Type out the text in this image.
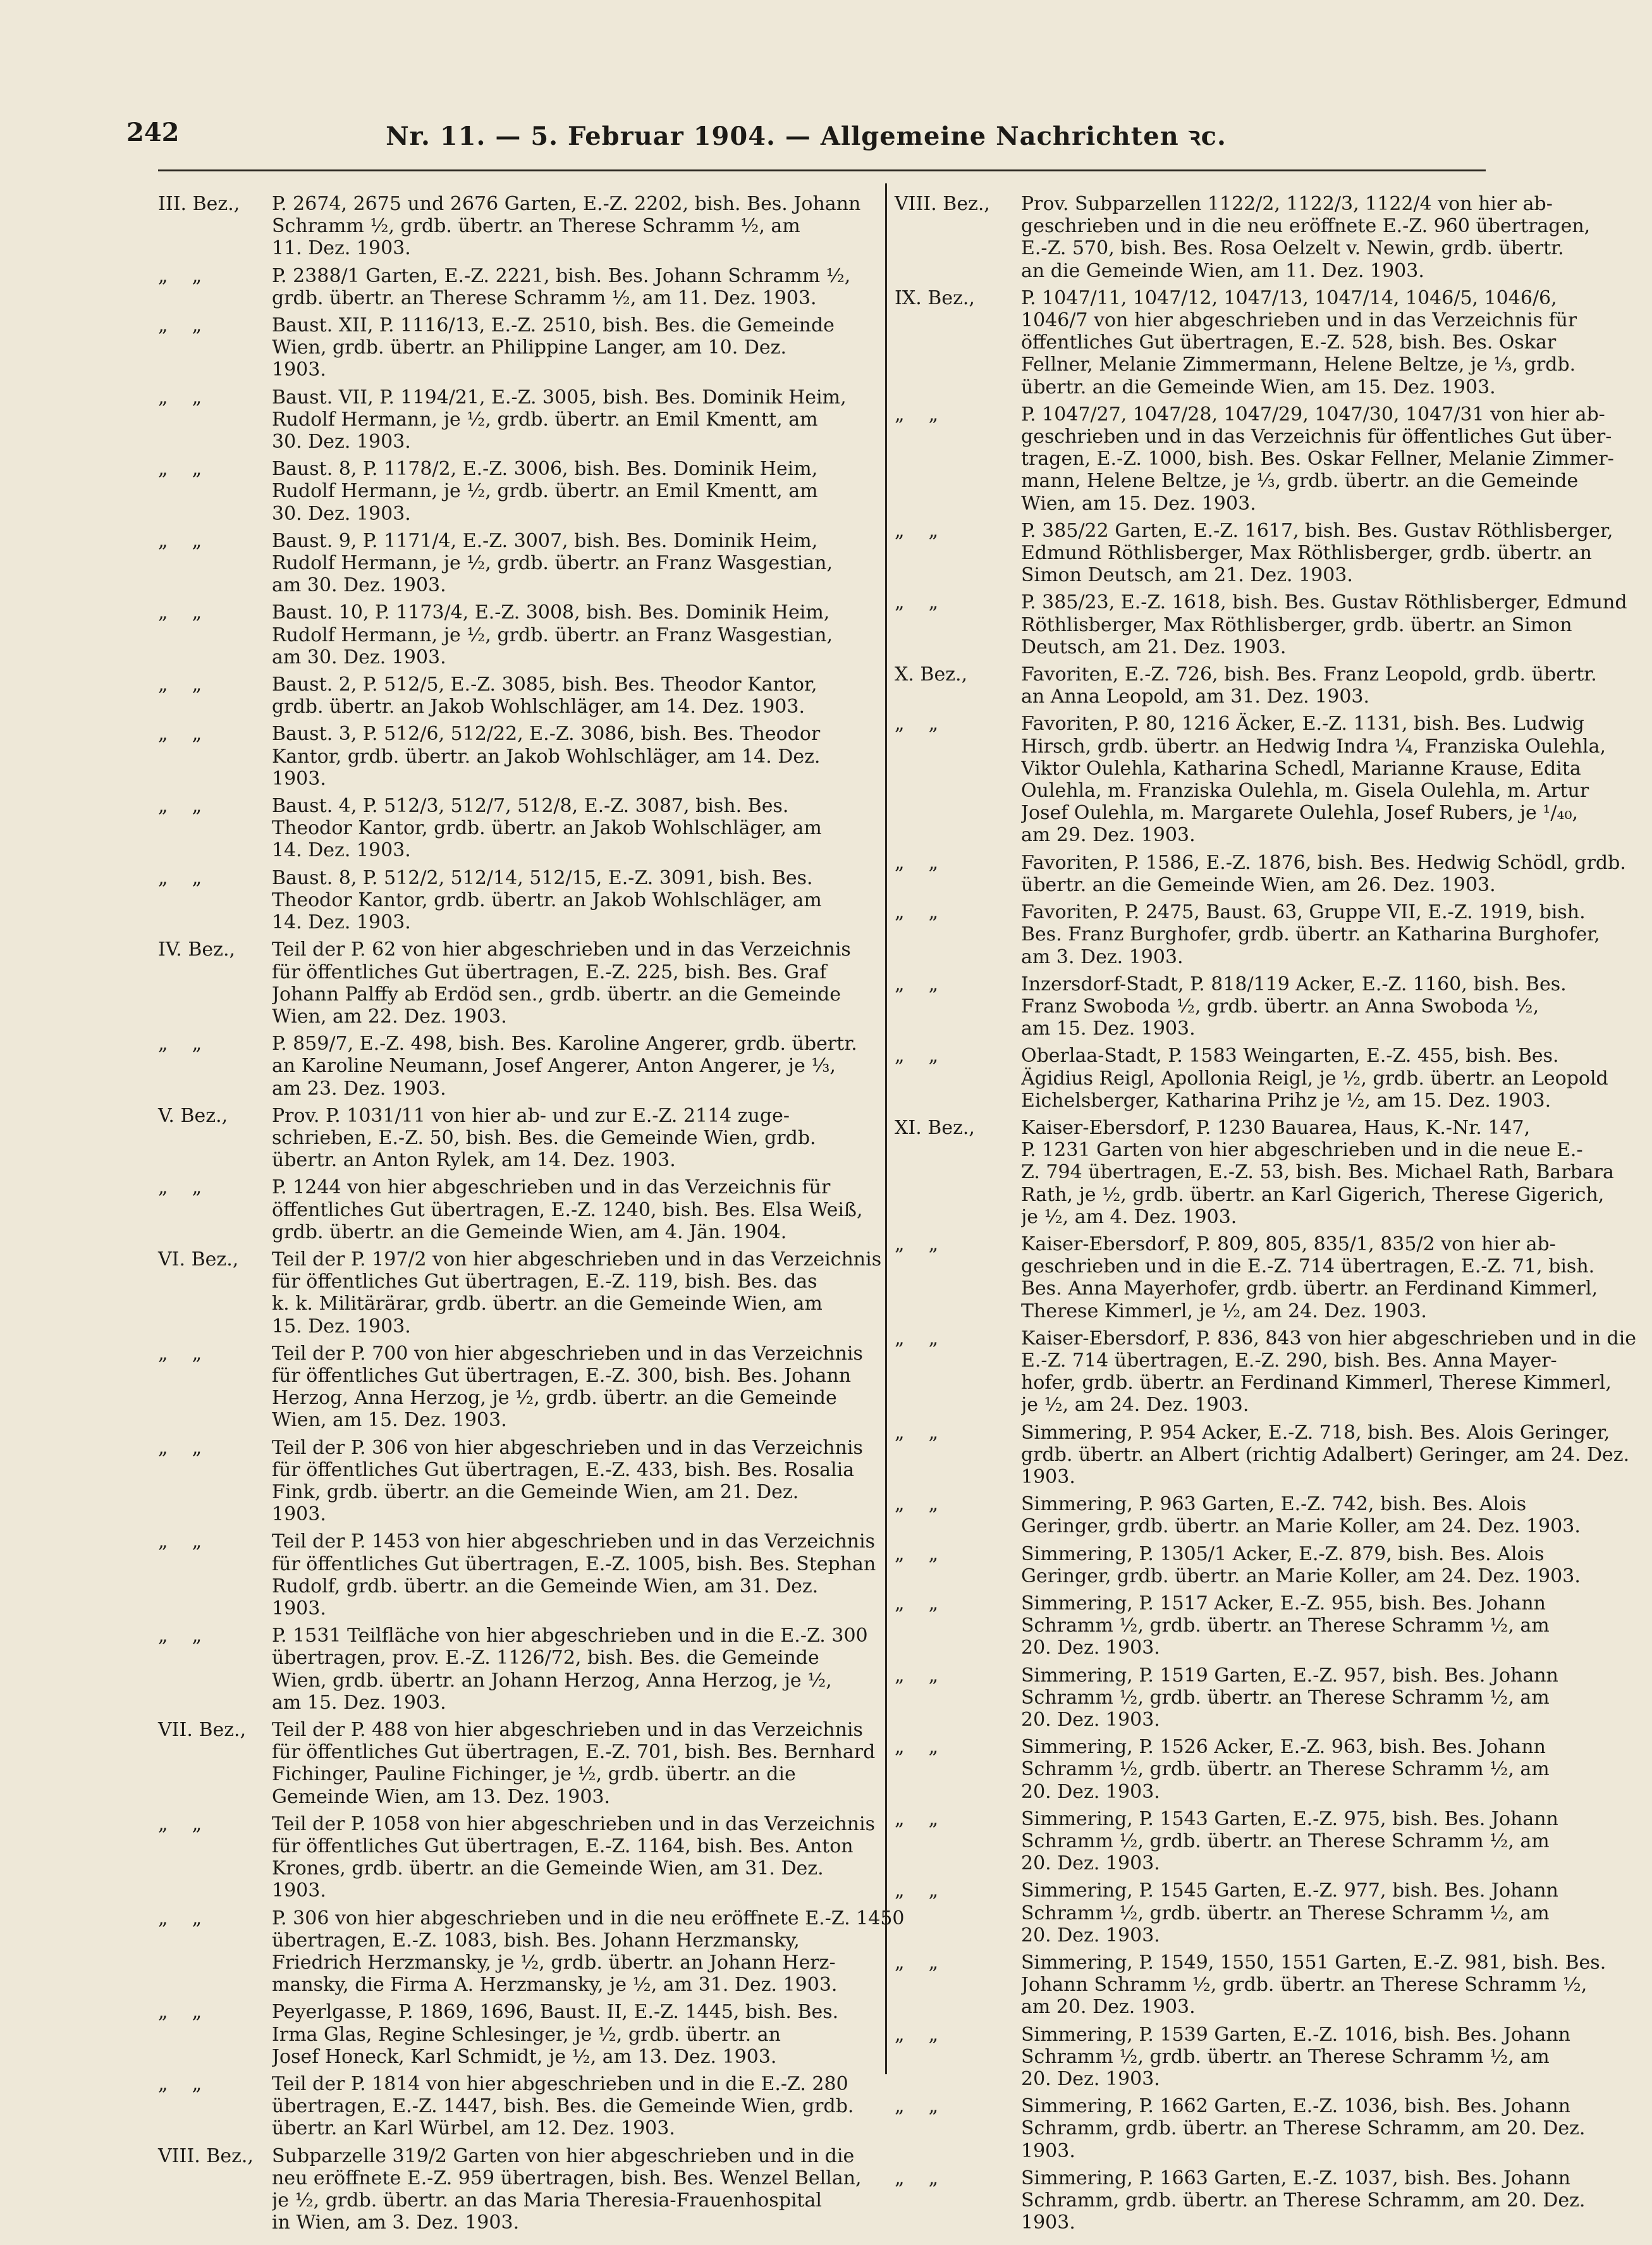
242	Nr. 11. — 5. Februar 1904. — Allgemeine Nachrichten ꝛc.
III. Bez.,	P. 2674, 2675 und 2676 Garten, E.-Z. 2202, bish. Bes. Johann
Schramm ½, grdb. übertr. an Therese Schramm ½, am
11. Dez. 1903.
„    „	P. 2388/1 Garten, E.-Z. 2221, bish. Bes. Johann Schramm ½,
grdb. übertr. an Therese Schramm ½, am 11. Dez. 1903.
„    „	Baust. XII, P. 1116/13, E.-Z. 2510, bish. Bes. die Gemeinde
Wien, grdb. übertr. an Philippine Langer, am 10. Dez.
1903.
„    „	Baust. VII, P. 1194/21, E.-Z. 3005, bish. Bes. Dominik Heim,
Rudolf Hermann, je ½, grdb. übertr. an Emil Kmentt, am
30. Dez. 1903.
„    „	Baust. 8, P. 1178/2, E.-Z. 3006, bish. Bes. Dominik Heim,
Rudolf Hermann, je ½, grdb. übertr. an Emil Kmentt, am
30. Dez. 1903.
„    „	Baust. 9, P. 1171/4, E.-Z. 3007, bish. Bes. Dominik Heim,
Rudolf Hermann, je ½, grdb. übertr. an Franz Wasgestian,
am 30. Dez. 1903.
„    „	Baust. 10, P. 1173/4, E.-Z. 3008, bish. Bes. Dominik Heim,
Rudolf Hermann, je ½, grdb. übertr. an Franz Wasgestian,
am 30. Dez. 1903.
„    „	Baust. 2, P. 512/5, E.-Z. 3085, bish. Bes. Theodor Kantor,
grdb. übertr. an Jakob Wohlschläger, am 14. Dez. 1903.
„    „	Baust. 3, P. 512/6, 512/22, E.-Z. 3086, bish. Bes. Theodor
Kantor, grdb. übertr. an Jakob Wohlschläger, am 14. Dez.
1903.
„    „	Baust. 4, P. 512/3, 512/7, 512/8, E.-Z. 3087, bish. Bes.
Theodor Kantor, grdb. übertr. an Jakob Wohlschläger, am
14. Dez. 1903.
„    „	Baust. 8, P. 512/2, 512/14, 512/15, E.-Z. 3091, bish. Bes.
Theodor Kantor, grdb. übertr. an Jakob Wohlschläger, am
14. Dez. 1903.
IV. Bez.,	Teil der P. 62 von hier abgeschrieben und in das Verzeichnis
für öffentliches Gut übertragen, E.-Z. 225, bish. Bes. Graf
Johann Palffy ab Erdöd sen., grdb. übertr. an die Gemeinde
Wien, am 22. Dez. 1903.
„    „	P. 859/7, E.-Z. 498, bish. Bes. Karoline Angerer, grdb. übertr.
an Karoline Neumann, Josef Angerer, Anton Angerer, je ⅓,
am 23. Dez. 1903.
V. Bez.,	Prov. P. 1031/11 von hier ab- und zur E.-Z. 2114 zuge-
schrieben, E.-Z. 50, bish. Bes. die Gemeinde Wien, grdb.
übertr. an Anton Rylek, am 14. Dez. 1903.
„    „	P. 1244 von hier abgeschrieben und in das Verzeichnis für
öffentliches Gut übertragen, E.-Z. 1240, bish. Bes. Elsa Weiß,
grdb. übertr. an die Gemeinde Wien, am 4. Jän. 1904.
VI. Bez.,	Teil der P. 197/2 von hier abgeschrieben und in das Verzeichnis
für öffentliches Gut übertragen, E.-Z. 119, bish. Bes. das
k. k. Militärärar, grdb. übertr. an die Gemeinde Wien, am
15. Dez. 1903.
„    „	Teil der P. 700 von hier abgeschrieben und in das Verzeichnis
für öffentliches Gut übertragen, E.-Z. 300, bish. Bes. Johann
Herzog, Anna Herzog, je ½, grdb. übertr. an die Gemeinde
Wien, am 15. Dez. 1903.
„    „	Teil der P. 306 von hier abgeschrieben und in das Verzeichnis
für öffentliches Gut übertragen, E.-Z. 433, bish. Bes. Rosalia
Fink, grdb. übertr. an die Gemeinde Wien, am 21. Dez.
1903.
„    „	Teil der P. 1453 von hier abgeschrieben und in das Verzeichnis
für öffentliches Gut übertragen, E.-Z. 1005, bish. Bes. Stephan
Rudolf, grdb. übertr. an die Gemeinde Wien, am 31. Dez.
1903.
„    „	P. 1531 Teilfläche von hier abgeschrieben und in die E.-Z. 300
übertragen, prov. E.-Z. 1126/72, bish. Bes. die Gemeinde
Wien, grdb. übertr. an Johann Herzog, Anna Herzog, je ½,
am 15. Dez. 1903.
VII. Bez.,	Teil der P. 488 von hier abgeschrieben und in das Verzeichnis
für öffentliches Gut übertragen, E.-Z. 701, bish. Bes. Bernhard
Fichinger, Pauline Fichinger, je ½, grdb. übertr. an die
Gemeinde Wien, am 13. Dez. 1903.
„    „	Teil der P. 1058 von hier abgeschrieben und in das Verzeichnis
für öffentliches Gut übertragen, E.-Z. 1164, bish. Bes. Anton
Krones, grdb. übertr. an die Gemeinde Wien, am 31. Dez.
1903.
„    „	P. 306 von hier abgeschrieben und in die neu eröffnete E.-Z. 1450
übertragen, E.-Z. 1083, bish. Bes. Johann Herzmansky,
Friedrich Herzmansky, je ½, grdb. übertr. an Johann Herz-
mansky, die Firma A. Herzmansky, je ½, am 31. Dez. 1903.
„    „	Peyerlgasse, P. 1869, 1696, Baust. II, E.-Z. 1445, bish. Bes.
Irma Glas, Regine Schlesinger, je ½, grdb. übertr. an
Josef Honeck, Karl Schmidt, je ½, am 13. Dez. 1903.
„    „	Teil der P. 1814 von hier abgeschrieben und in die E.-Z. 280
übertragen, E.-Z. 1447, bish. Bes. die Gemeinde Wien, grdb.
übertr. an Karl Würbel, am 12. Dez. 1903.
VIII. Bez., Subparzelle 319/2 Garten von hier abgeschrieben und in die
neu eröffnete E.-Z. 959 übertragen, bish. Bes. Wenzel Bellan,
je ½, grdb. übertr. an das Maria Theresia-Frauenhospital
in Wien, am 3. Dez. 1903.
VIII. Bez.,	Prov. Subparzellen 1122/2, 1122/3, 1122/4 von hier ab-
geschrieben und in die neu eröffnete E.-Z. 960 übertragen,
E.-Z. 570, bish. Bes. Rosa Oelzelt v. Newin, grdb. übertr.
an die Gemeinde Wien, am 11. Dez. 1903.
IX. Bez.,	P. 1047/11, 1047/12, 1047/13, 1047/14, 1046/5, 1046/6,
1046/7 von hier abgeschrieben und in das Verzeichnis für
öffentliches Gut übertragen, E.-Z. 528, bish. Bes. Oskar
Fellner, Melanie Zimmermann, Helene Beltze, je ⅓, grdb.
übertr. an die Gemeinde Wien, am 15. Dez. 1903.
„    „	P. 1047/27, 1047/28, 1047/29, 1047/30, 1047/31 von hier ab-
geschrieben und in das Verzeichnis für öffentliches Gut über-
tragen, E.-Z. 1000, bish. Bes. Oskar Fellner, Melanie Zimmer-
mann, Helene Beltze, je ⅓, grdb. übertr. an die Gemeinde
Wien, am 15. Dez. 1903.
„    „	P. 385/22 Garten, E.-Z. 1617, bish. Bes. Gustav Röthlisberger,
Edmund Röthlisberger, Max Röthlisberger, grdb. übertr. an
Simon Deutsch, am 21. Dez. 1903.
„    „	P. 385/23, E.-Z. 1618, bish. Bes. Gustav Röthlisberger, Edmund
Röthlisberger, Max Röthlisberger, grdb. übertr. an Simon
Deutsch, am 21. Dez. 1903.
X. Bez.,	Favoriten, E.-Z. 726, bish. Bes. Franz Leopold, grdb. übertr.
an Anna Leopold, am 31. Dez. 1903.
„    „	Favoriten, P. 80, 1216 Äcker, E.-Z. 1131, bish. Bes. Ludwig
Hirsch, grdb. übertr. an Hedwig Indra ¼, Franziska Oulehla,
Viktor Oulehla, Katharina Schedl, Marianne Krause, Edita
Oulehla, m. Franziska Oulehla, m. Gisela Oulehla, m. Artur
Josef Oulehla, m. Margarete Oulehla, Josef Rubers, je ¹/₄₀,
am 29. Dez. 1903.
„    „	Favoriten, P. 1586, E.-Z. 1876, bish. Bes. Hedwig Schödl, grdb.
übertr. an die Gemeinde Wien, am 26. Dez. 1903.
„    „	Favoriten, P. 2475, Baust. 63, Gruppe VII, E.-Z. 1919, bish.
Bes. Franz Burghofer, grdb. übertr. an Katharina Burghofer,
am 3. Dez. 1903.
„    „	Inzersdorf-Stadt, P. 818/119 Acker, E.-Z. 1160, bish. Bes.
Franz Swoboda ½, grdb. übertr. an Anna Swoboda ½,
am 15. Dez. 1903.
„    „	Oberlaa-Stadt, P. 1583 Weingarten, E.-Z. 455, bish. Bes.
Ägidius Reigl, Apollonia Reigl, je ½, grdb. übertr. an Leopold
Eichelsberger, Katharina Prihz je ½, am 15. Dez. 1903.
XI. Bez.,	Kaiser-Ebersdorf, P. 1230 Bauarea, Haus, K.-Nr. 147,
P. 1231 Garten von hier abgeschrieben und in die neue E.-
Z. 794 übertragen, E.-Z. 53, bish. Bes. Michael Rath, Barbara
Rath, je ½, grdb. übertr. an Karl Gigerich, Therese Gigerich,
je ½, am 4. Dez. 1903.
„    „	Kaiser-Ebersdorf, P. 809, 805, 835/1, 835/2 von hier ab-
geschrieben und in die E.-Z. 714 übertragen, E.-Z. 71, bish.
Bes. Anna Mayerhofer, grdb. übertr. an Ferdinand Kimmerl,
Therese Kimmerl, je ½, am 24. Dez. 1903.
„    „	Kaiser-Ebersdorf, P. 836, 843 von hier abgeschrieben und in die
E.-Z. 714 übertragen, E.-Z. 290, bish. Bes. Anna Mayer-
hofer, grdb. übertr. an Ferdinand Kimmerl, Therese Kimmerl,
je ½, am 24. Dez. 1903.
„    „	Simmering, P. 954 Acker, E.-Z. 718, bish. Bes. Alois Geringer,
grdb. übertr. an Albert (richtig Adalbert) Geringer, am 24. Dez.
1903.
„    „	Simmering, P. 963 Garten, E.-Z. 742, bish. Bes. Alois
Geringer, grdb. übertr. an Marie Koller, am 24. Dez. 1903.
„    „	Simmering, P. 1305/1 Acker, E.-Z. 879, bish. Bes. Alois
Geringer, grdb. übertr. an Marie Koller, am 24. Dez. 1903.
„    „	Simmering, P. 1517 Acker, E.-Z. 955, bish. Bes. Johann
Schramm ½, grdb. übertr. an Therese Schramm ½, am
20. Dez. 1903.
„    „	Simmering, P. 1519 Garten, E.-Z. 957, bish. Bes. Johann
Schramm ½, grdb. übertr. an Therese Schramm ½, am
20. Dez. 1903.
„    „	Simmering, P. 1526 Acker, E.-Z. 963, bish. Bes. Johann
Schramm ½, grdb. übertr. an Therese Schramm ½, am
20. Dez. 1903.
„    „	Simmering, P. 1543 Garten, E.-Z. 975, bish. Bes. Johann
Schramm ½, grdb. übertr. an Therese Schramm ½, am
20. Dez. 1903.
„    „	Simmering, P. 1545 Garten, E.-Z. 977, bish. Bes. Johann
Schramm ½, grdb. übertr. an Therese Schramm ½, am
20. Dez. 1903.
„    „	Simmering, P. 1549, 1550, 1551 Garten, E.-Z. 981, bish. Bes.
Johann Schramm ½, grdb. übertr. an Therese Schramm ½,
am 20. Dez. 1903.
„    „	Simmering, P. 1539 Garten, E.-Z. 1016, bish. Bes. Johann
Schramm ½, grdb. übertr. an Therese Schramm ½, am
20. Dez. 1903.
„    „	Simmering, P. 1662 Garten, E.-Z. 1036, bish. Bes. Johann
Schramm, grdb. übertr. an Therese Schramm, am 20. Dez.
1903.
„    „	Simmering, P. 1663 Garten, E.-Z. 1037, bish. Bes. Johann
Schramm, grdb. übertr. an Therese Schramm, am 20. Dez.
1903.
